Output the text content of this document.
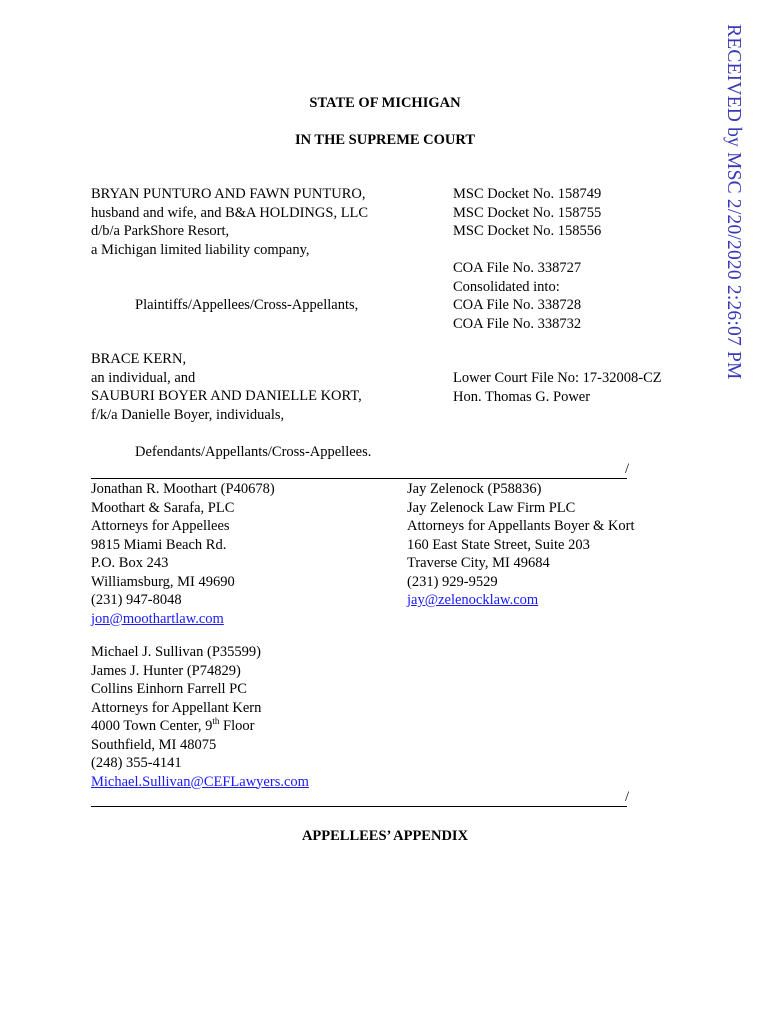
RECEIVED by MSC 2/20/2020 2:26:07 PM
STATE OF MICHIGAN
IN THE SUPREME COURT
BRYAN PUNTURO AND FAWN PUNTURO,
husband and wife, and B&A HOLDINGS, LLC
d/b/a ParkShore Resort,
a Michigan limited liability company,
Plaintiffs/Appellees/Cross-Appellants,
MSC Docket No. 158749
MSC Docket No. 158755
MSC Docket No. 158556
COA File No. 338727
Consolidated into:
COA File No. 338728
COA File No. 338732
Lower Court File No: 17-32008-CZ
Hon. Thomas G. Power
BRACE KERN,
an individual, and
SAUBURI BOYER AND DANIELLE KORT,
f/k/a Danielle Boyer, individuals,
Defendants/Appellants/Cross-Appellees.
/
Jonathan R. Moothart (P40678)
Moothart & Sarafa, PLC
Attorneys for Appellees
9815 Miami Beach Rd.
P.O. Box 243
Williamsburg, MI 49690
(231) 947-8048
jon@moothartlaw.com
Jay Zelenock (P58836)
Jay Zelenock Law Firm PLC
Attorneys for Appellants Boyer & Kort
160 East State Street, Suite 203
Traverse City, MI 49684
(231) 929-9529
jay@zelenocklaw.com
Michael J. Sullivan (P35599)
James J. Hunter (P74829)
Collins Einhorn Farrell PC
Attorneys for Appellant Kern
4000 Town Center, 9th Floor
Southfield, MI 48075
(248) 355-4141
Michael.Sullivan@CEFLawyers.com
/
APPELLEES’ APPENDIX
